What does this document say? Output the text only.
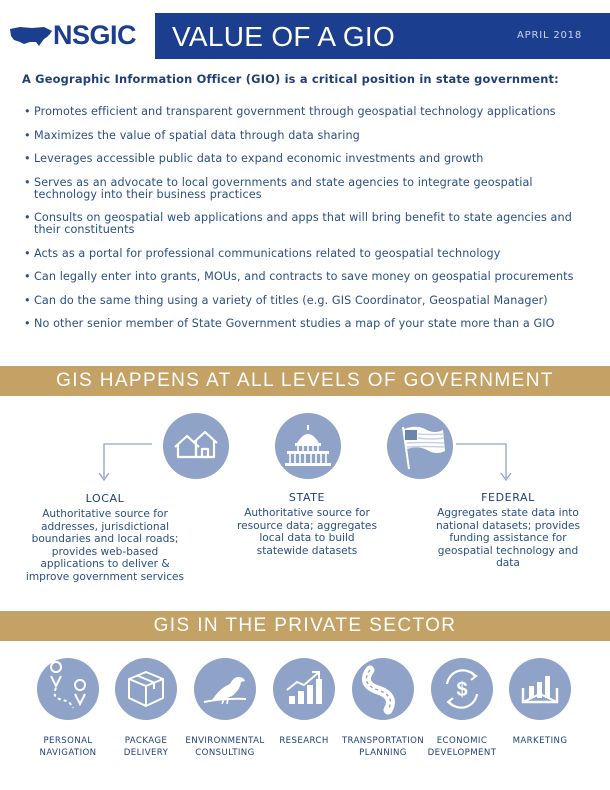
NSGIC VALUE OF A GIO	APRIL 2018
A Geographic Information Officer (GIO) is a critical position in state government:
• Promotes efficient and transparent government through geospatial technology applications
• Maximizes the value of spatial data through data sharing
• Leverages accessible public data to expand economic investments and growth
• Serves as an advocate to local governments and state agencies to integrate geospatial technology into their business practices
• Consults on geospatial web applications and apps that will bring benefit to state agencies and their constituents
• Acts as a portal for professional communications related to geospatial technology
• Can legally enter into grants, MOUs, and contracts to save money on geospatial procurements
• Can do the same thing using a variety of titles (e.g. GIS Coordinator, Geospatial Manager)
• No other senior member of State Government studies a map of your state more than a GIO
GIS HAPPENS AT ALL LEVELS OF GOVERNMENT
LOCAL
Authoritative source for addresses, jurisdictional boundaries and local roads; provides web-based applications to deliver & improve government services
STATE
Authoritative source for resource data; aggregates local data to build statewide datasets
FEDERAL
Aggregates state data into national datasets; provides funding assistance for geospatial technology and data
GIS IN THE PRIVATE SECTOR
$
PERSONAL NAVIGATION
PACKAGE DELIVERY
ENVIRONMENTAL CONSULTING
RESEARCH	TRANSPORTATION PLANNING
ECONOMIC DEVELOPMENT
MARKETING
